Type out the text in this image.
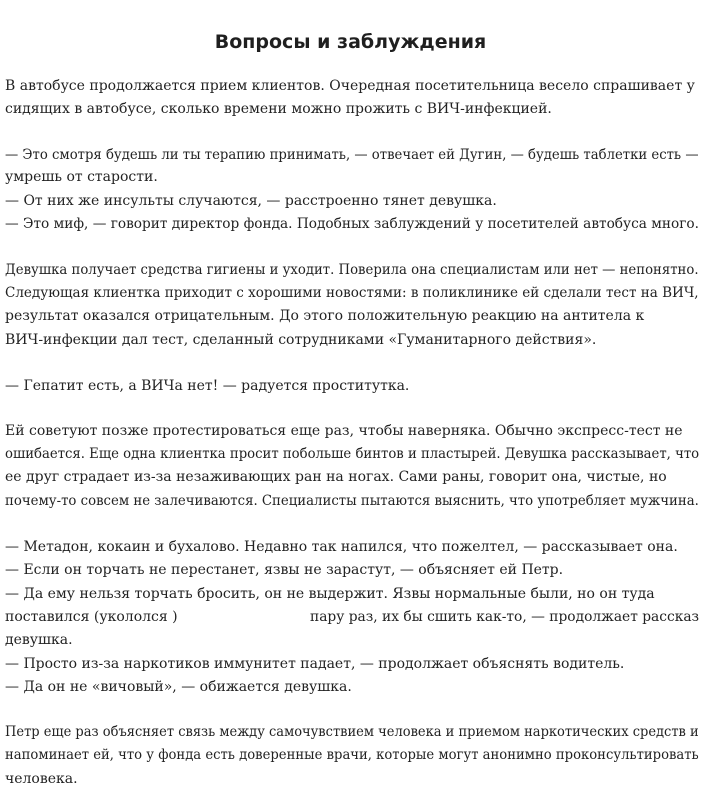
Вопросы и заблуждения
В автобусе продолжается прием клиентов. Очередная посетительница весело спрашивает у
сидящих в автобусе, сколько времени можно прожить с ВИЧ-инфекцией.
— Это смотря будешь ли ты терапию принимать, — отвечает ей Дугин, — будешь таблетки есть —
умрешь от старости.
— От них же инсульты случаются, — расстроенно тянет девушка.
— Это миф, — говорит директор фонда. Подобных заблуждений у посетителей автобуса много.
Девушка получает средства гигиены и уходит. Поверила она специалистам или нет — непонятно.
Следующая клиентка приходит с хорошими новостями: в поликлинике ей сделали тест на ВИЧ,
результат оказался отрицательным. До этого положительную реакцию на антитела к
ВИЧ-инфекции дал тест, сделанный сотрудниками «Гуманитарного действия».
— Гепатит есть, а ВИЧа нет! — радуется проститутка.
Ей советуют позже протестироваться еще раз, чтобы наверняка. Обычно экспресс-тест не
ошибается. Еще одна клиентка просит побольше бинтов и пластырей. Девушка рассказывает, что
ее друг страдает из-за незаживающих ран на ногах. Сами раны, говорит она, чистые, но
почему-то совсем не залечиваются. Специалисты пытаются выяснить, что употребляет мужчина.
— Метадон, кокаин и бухалово. Недавно так напился, что пожелтел, — рассказывает она.
— Если он торчать не перестанет, язвы не зарастут, — объясняет ей Петр.
— Да ему нельзя торчать бросить, он не выдержит. Язвы нормальные были, но он туда
поставился (укололся )	пару раз, их бы сшить как-то, — продолжает рассказ
девушка.
— Просто из-за наркотиков иммунитет падает, — продолжает объяснять водитель.
— Да он не «вичовый», — обижается девушка.
Петр еще раз объясняет связь между самочувствием человека и приемом наркотических средств и
напоминает ей, что у фонда есть доверенные врачи, которые могут анонимно проконсультировать
человека.
